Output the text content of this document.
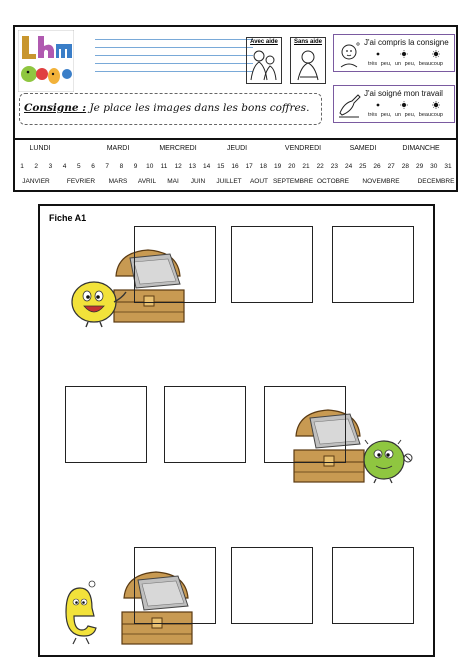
Avec aide	Sans aide	J'ai compris la consigne
très peu, un peu, beaucoup
J'ai soigné mon travail
très peu, un peu, beaucoup
Consigne : Je place les images dans les bons coffres.
LUNDI	MARDI	MERCREDI	JEUDI	VENDREDI	SAMEDI	DIMANCHE
1 2 3 4 5 6 7 8 9 10 11 12 13 14 15 16 17 18 19 20 21 22 23 24 25 26 27 28 29 30 31
JANVIER	FEVRIER MARS AVRIL MAI JUIN JUILLET AOUT SEPTEMBRE OCTOBRE NOVEMBRE	DECEMBRE
Fiche A1
